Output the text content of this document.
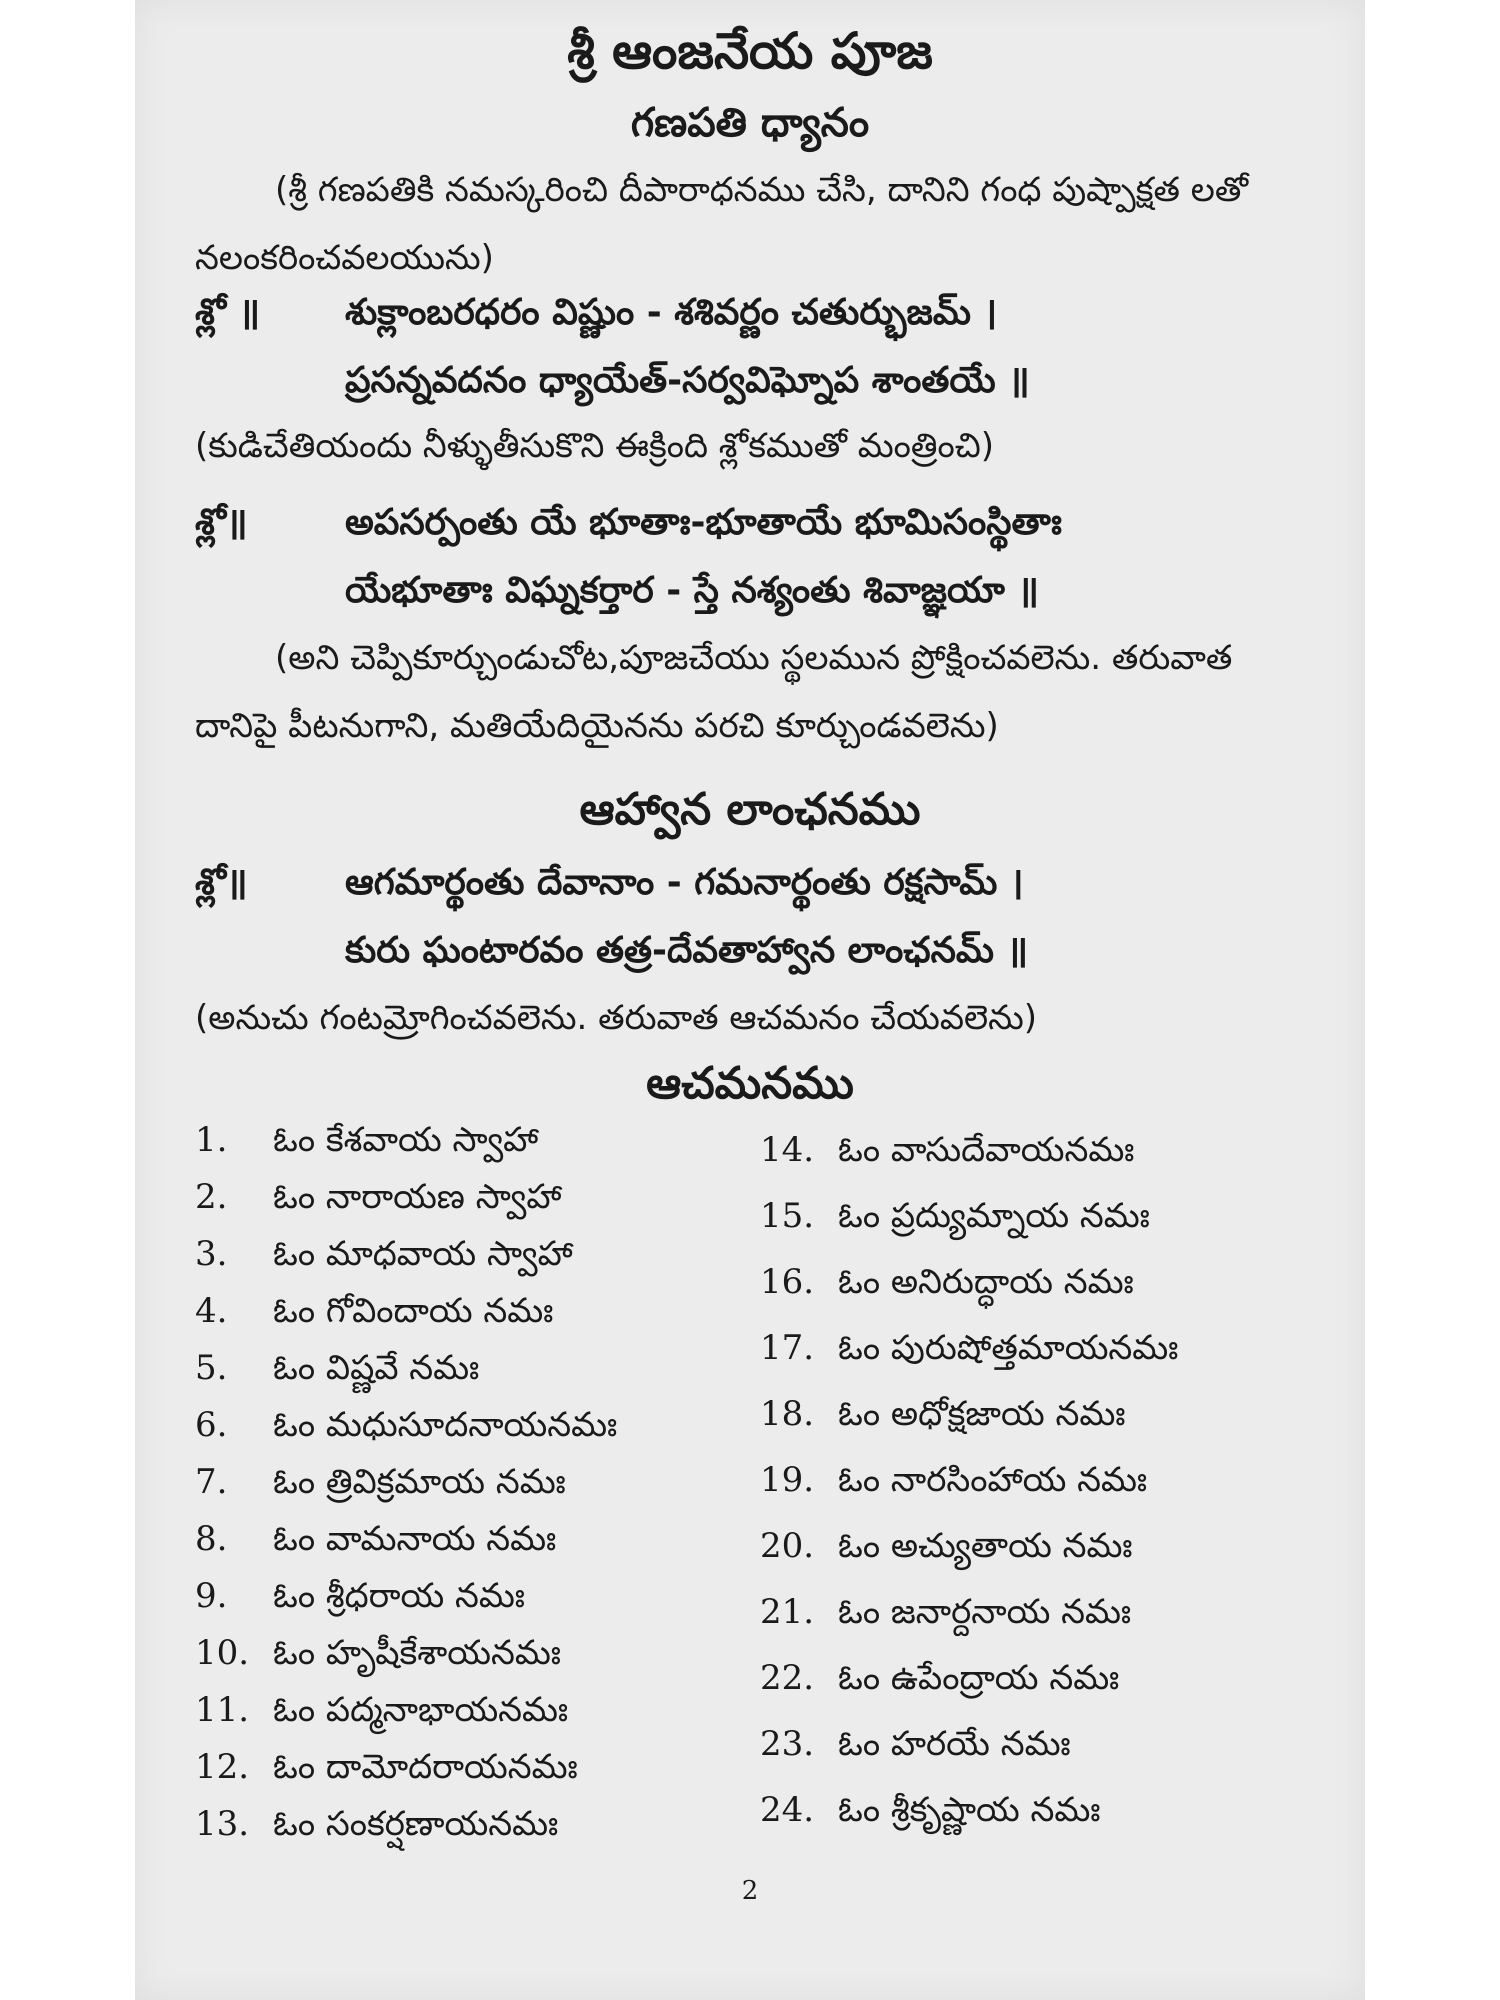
శ్రీ ఆంజనేయ పూజ
గణపతి ధ్యానం
(శ్రీ గణపతికి నమస్కరించి దీపారాధనము చేసి, దానిని గంధ పుష్పాక్షత లతో నలంకరించవలయును)
శ్లో ॥ శుక్లాంబరధరం విష్ణుం - శశివర్ణం చతుర్భుజమ్ ।
ప్రసన్నవదనం ధ్యాయేత్-సర్వవిఘ్నోప శాంతయే ॥
(కుడిచేతియందు నీళ్ళుతీసుకొని ఈక్రింది శ్లోకముతో మంత్రించి)
శ్లో॥	అపసర్పంతు యే భూతాః-భూతాయే భూమిసంస్థితాః
యేభూతాః విఘ్నకర్తార - స్తే నశ్యంతు శివాజ్ఞయా ॥
(అని చెప్పికూర్చుండుచోట,పూజచేయు స్థలమున ప్రోక్షించవలెను. తరువాత దానిపై పీటనుగాని, మతియేదియైనను పరచి కూర్చుండవలెను)
ఆహ్వాన లాంఛనము
శ్లో॥	ఆగమార్థంతు దేవానాం - గమనార్థంతు రక్షసామ్ ।
కురు ఘంటారవం తత్ర-దేవతాహ్వాన లాంఛనమ్ ॥
(అనుచు గంటమ్రోగించవలెను. తరువాత ఆచమనం చేయవలెను)
ఆచమనము
1. ఓం కేశవాయ స్వాహా
2. ఓం నారాయణ స్వాహా
3. ఓం మాధవాయ స్వాహా
4. ఓం గోవిందాయ నమః
5. ఓం విష్ణవే నమః
6. ఓం మధుసూదనాయనమః
7. ఓం త్రివిక్రమాయ నమః
8. ఓం వామనాయ నమః
9. ఓం శ్రీధరాయ నమః
10. ఓం హృషీకేశాయనమః
11. ఓం పద్మనాభాయనమః
12. ఓం దామోదరాయనమః
13. ఓం సంకర్షణాయనమః
14. ఓం వాసుదేవాయనమః
15. ఓం ప్రద్యుమ్నాయ నమః
16. ఓం అనిరుద్ధాయ నమః
17. ఓం పురుషోత్తమాయనమః
18. ఓం అధోక్షజాయ నమః
19. ఓం నారసింహాయ నమః
20. ఓం అచ్యుతాయ నమః
21. ఓం జనార్దనాయ నమః
22. ఓం ఉపేంద్రాయ నమః
23. ఓం హరయే నమః
24. ఓం శ్రీకృష్ణాయ నమః
2
